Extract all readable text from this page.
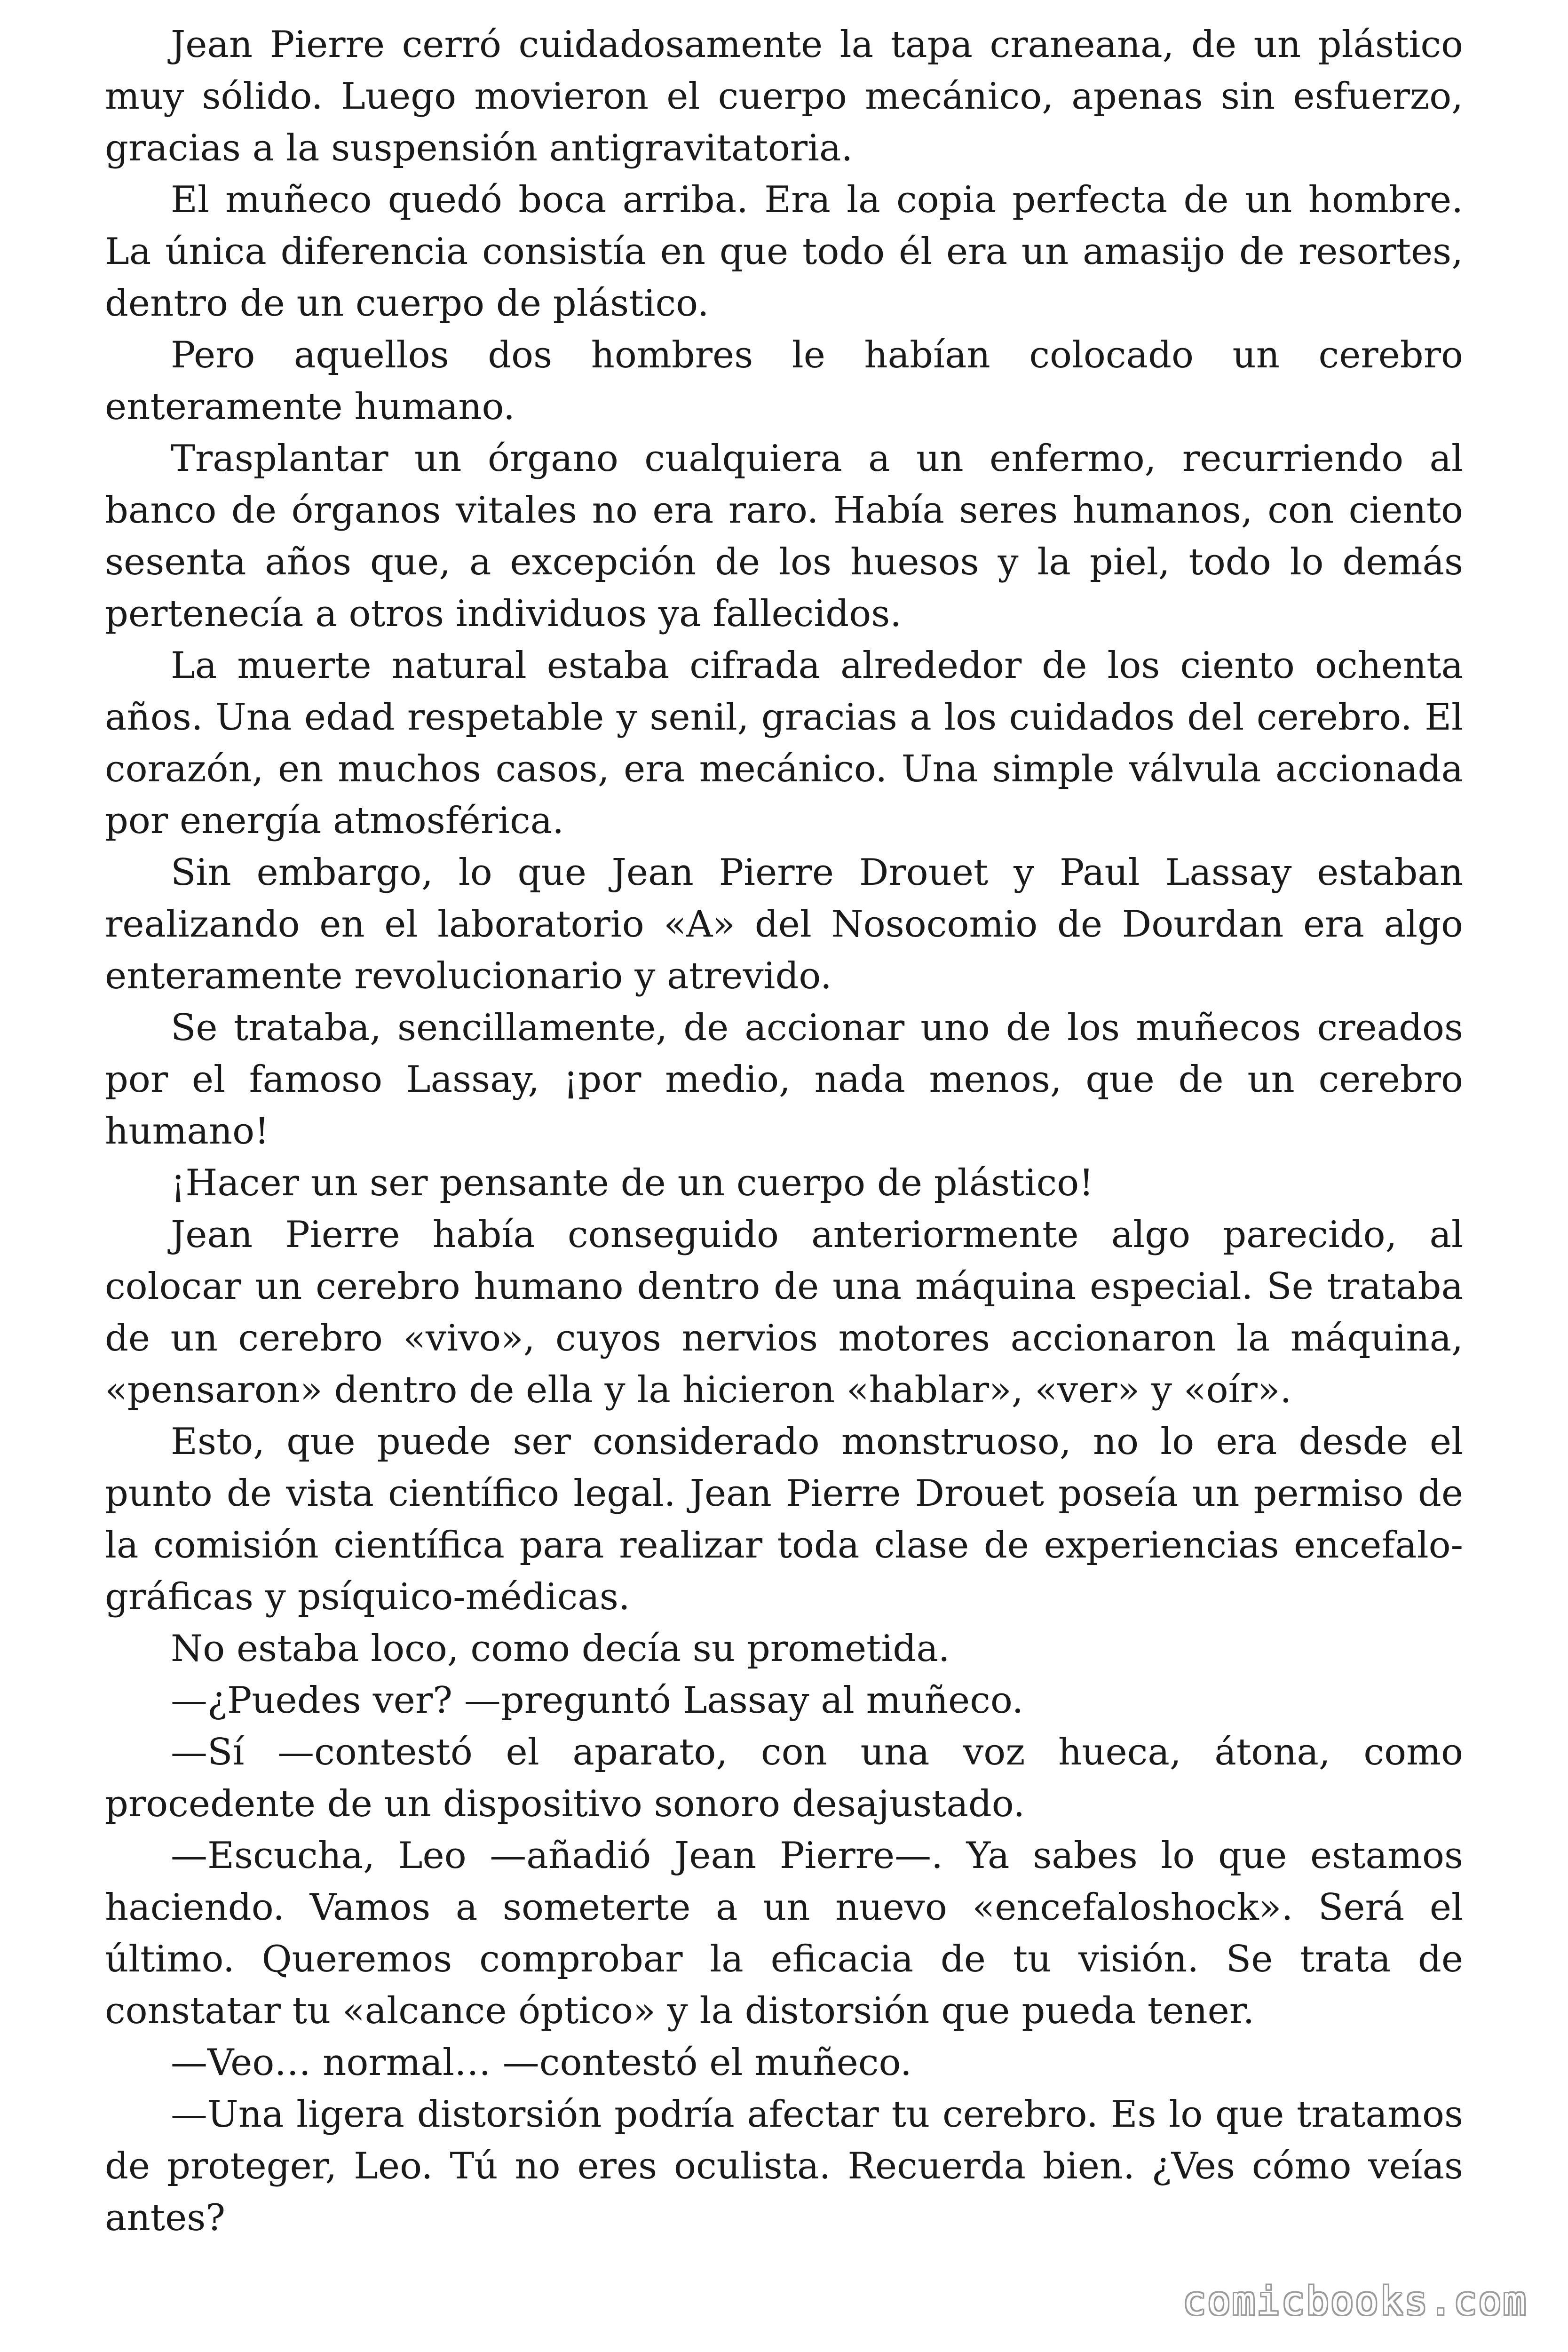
Jean Pierre cerró cuidadosamente la tapa craneana, de un plástico muy sólido. Luego movieron el cuerpo mecánico, apenas sin esfuerzo, gracias a la suspensión antigravitatoria.

El muñeco quedó boca arriba. Era la copia perfecta de un hombre. La única diferencia consistía en que todo él era un amasijo de resortes, dentro de un cuerpo de plástico.

Pero aquellos dos hombres le habían colocado un cerebro enteramente humano.

Trasplantar un órgano cualquiera a un enfermo, recurriendo al banco de órganos vitales no era raro. Había seres humanos, con ciento sesenta años que, a excepción de los huesos y la piel, todo lo demás pertenecía a otros individuos ya fallecidos.

La muerte natural estaba cifrada alrededor de los ciento ochenta años. Una edad respetable y senil, gracias a los cuidados del cerebro. El corazón, en muchos casos, era mecánico. Una simple válvula accionada por energía atmosférica.

Sin embargo, lo que Jean Pierre Drouet y Paul Lassay estaban realizando en el laboratorio «A» del Nosocomio de Dourdan era algo enteramente revolucionario y atrevido.

Se trataba, sencillamente, de accionar uno de los muñecos creados por el famoso Lassay, ¡por medio, nada menos, que de un cerebro humano!

¡Hacer un ser pensante de un cuerpo de plástico!

Jean Pierre había conseguido anteriormente algo parecido, al colocar un cerebro humano dentro de una máquina especial. Se trataba de un cerebro «vivo», cuyos nervios motores accionaron la máquina, «pensaron» dentro de ella y la hicieron «hablar», «ver» y «oír».

Esto, que puede ser considerado monstruoso, no lo era desde el punto de vista científico legal. Jean Pierre Drouet poseía un permiso de la comisión científica para realizar toda clase de experiencias encefalo-gráficas y psíquico-médicas.

No estaba loco, como decía su prometida.

—¿Puedes ver? —preguntó Lassay al muñeco.

—Sí —contestó el aparato, con una voz hueca, átona, como procedente de un dispositivo sonoro desajustado.

—Escucha, Leo —añadió Jean Pierre—. Ya sabes lo que estamos haciendo. Vamos a someterte a un nuevo «encefaloshock». Será el último. Queremos comprobar la eficacia de tu visión. Se trata de constatar tu «alcance óptico» y la distorsión que pueda tener.

—Veo… normal… —contestó el muñeco.

—Una ligera distorsión podría afectar tu cerebro. Es lo que tratamos de proteger, Leo. Tú no eres oculista. Recuerda bien. ¿Ves cómo veías antes?

comicbooks.com
